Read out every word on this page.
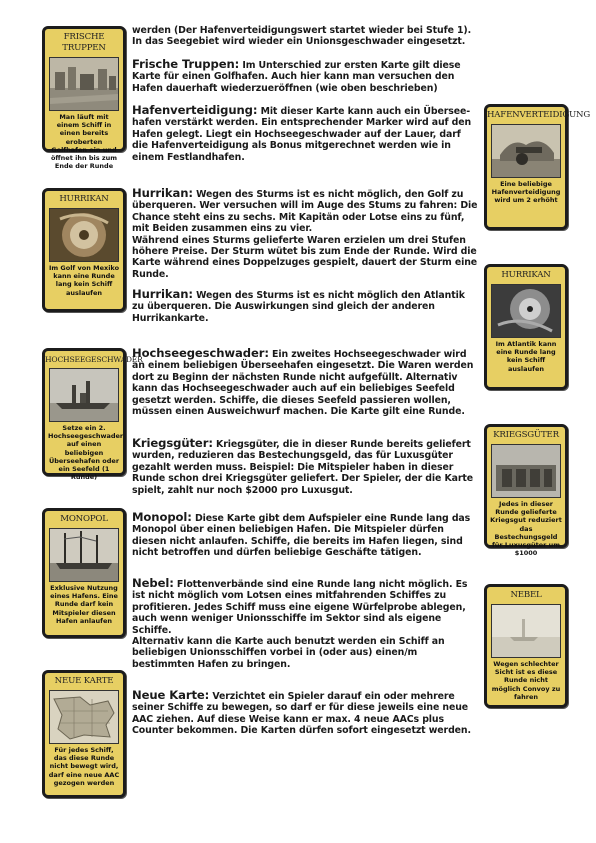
FRISCHE TRUPPEN
Man läuft mit einem Schiff in einen bereits eroberten Golfhafen ein und öffnet ihn bis zum Ende der Runde
HAFENVERTEIDIGUNG
Eine beliebige Hafenverteidigung wird um 2 erhöht
HURRIKAN
Im Golf von Mexiko kann eine Runde lang kein Schiff auslaufen
HURRIKAN
Im Atlantik kann eine Runde lang kein Schiff auslaufen
HOCHSEEGESCHWADER
Setze ein 2. Hochseegeschwader auf einen beliebigen Überseehafen oder ein Seefeld (1 Runde)
KRIEGSGÜTER
Jedes in dieser Runde gelieferte Kriegsgut reduziert das Bestechungsgeld für Luxusgüter um $1000
MONOPOL
Exklusive Nutzung eines Hafens. Eine Runde darf kein Mitspieler diesen Hafen anlaufen
NEBEL
Wegen schlechter Sicht ist es diese Runde nicht möglich Convoy zu fahren
NEUE KARTE
Für jedes Schiff, das diese Runde nicht bewegt wird, darf eine neue AAC gezogen werden

werden (Der Hafenverteidigungswert startet wieder bei Stufe 1). In das Seegebiet wird wieder ein Unionsgeschwader eingesetzt.

Frische Truppen: Im Unterschied zur ersten Karte gilt diese Karte für einen Golfhafen. Auch hier kann man versuchen den Hafen dauerhaft wiederzueröffnen (wie oben beschrieben)

Hafenverteidigung: Mit dieser Karte kann auch ein Übersee-hafen verstärkt werden. Ein entsprechender Marker wird auf den Hafen gelegt. Liegt ein Hochseegeschwader auf der Lauer, darf die Hafenverteidigung als Bonus mitgerechnet werden wie in einem Festlandhafen.

Hurrikan: Wegen des Sturms ist es nicht möglich, den Golf zu überqueren. Wer versuchen will im Auge des Stums zu fahren: Die Chance steht eins zu sechs. Mit Kapitän oder Lotse eins zu fünf, mit Beiden zusammen eins zu vier.

Während eines Sturms gelieferte Waren erzielen um drei Stufen höhere Preise. Der Sturm wütet bis zum Ende der Runde. Wird die Karte während eines Doppelzuges gespielt, dauert der Sturm eine Runde.

Hurrikan: Wegen des Sturms ist es nicht möglich den Atlantik zu überqueren. Die Auswirkungen sind gleich der anderen Hurrikankarte.

Hochseegeschwader: Ein zweites Hochseegeschwader wird an einem beliebigen Überseehafen eingesetzt. Die Waren werden dort zu Beginn der nächsten Runde nicht aufgefüllt. Alternativ kann das Hochseegeschwader auch auf ein beliebiges Seefeld gesetzt werden. Schiffe, die dieses Seefeld passieren wollen, müssen einen Ausweichwurf machen. Die Karte gilt eine Runde.

Kriegsgüter: Kriegsgüter, die in dieser Runde bereits geliefert wurden, reduzieren das Bestechungsgeld, das für Luxusgüter gezahlt werden muss. Beispiel: Die Mitspieler haben in dieser Runde schon drei Kriegsgüter geliefert. Der Spieler, der die Karte spielt, zahlt nur noch $2000 pro Luxusgut.

Monopol: Diese Karte gibt dem Aufspieler eine Runde lang das Monopol über einen beliebigen Hafen. Die Mitspieler dürfen diesen nicht anlaufen. Schiffe, die bereits im Hafen liegen, sind nicht betroffen und dürfen beliebige Geschäfte tätigen.

Nebel: Flottenverbände sind eine Runde lang nicht möglich. Es ist nicht möglich vom Lotsen eines mitfahrenden Schiffes zu profitieren. Jedes Schiff muss eine eigene Würfelprobe ablegen, auch wenn weniger Unionsschiffe im Sektor sind als eigene Schiffe.

Alternativ kann die Karte auch benutzt werden ein Schiff an beliebigen Unionsschiffen vorbei in (oder aus) einen/m bestimmten Hafen zu bringen.

Neue Karte: Verzichtet ein Spieler darauf ein oder mehrere seiner Schiffe zu bewegen, so darf er für diese jeweils eine neue AAC ziehen. Auf diese Weise kann er max. 4 neue AACs plus Counter bekommen. Die Karten dürfen sofort eingesetzt werden.
